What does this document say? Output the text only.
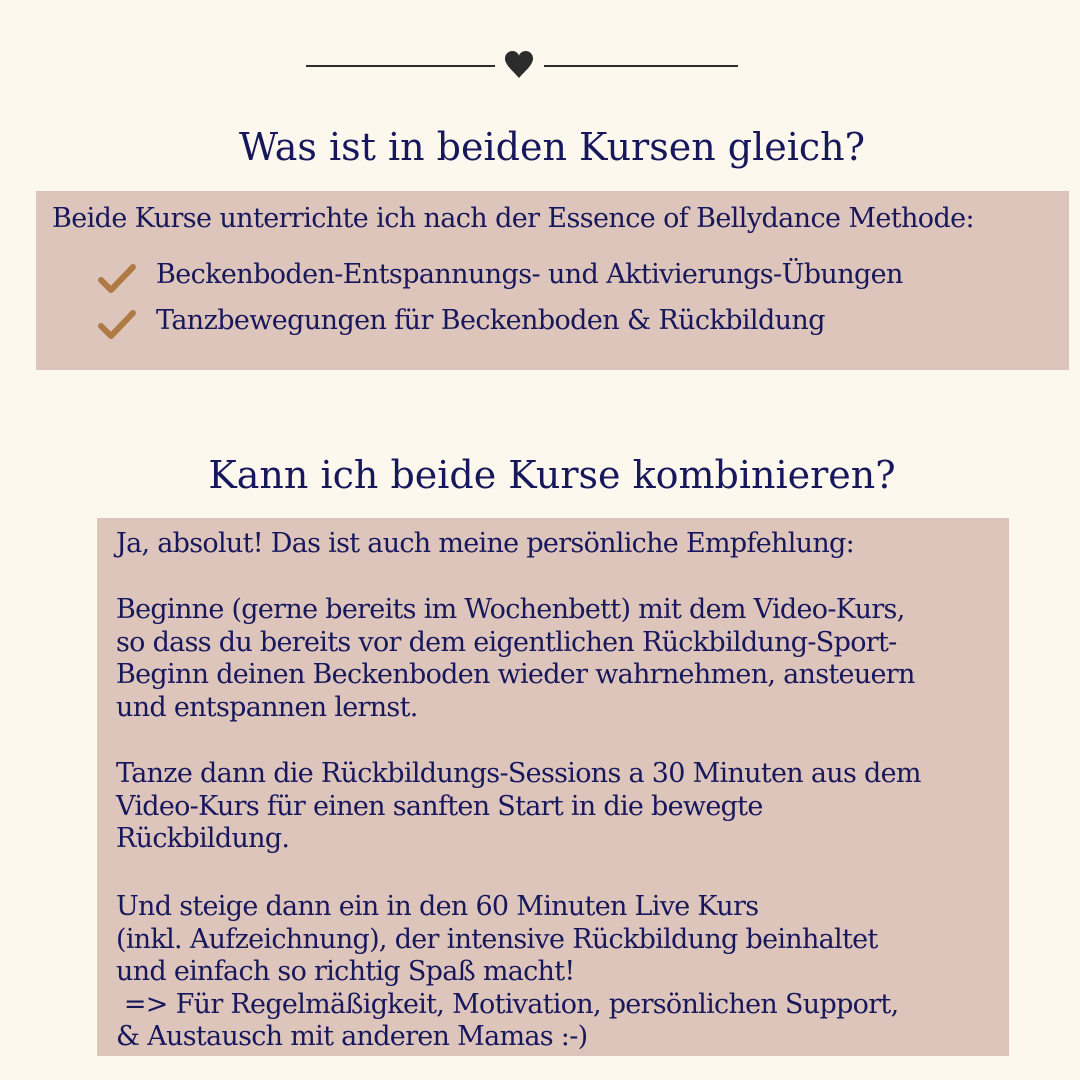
Was ist in beiden Kursen gleich?
Beide Kurse unterrichte ich nach der Essence of Bellydance Methode:
Beckenboden-Entspannungs- und Aktivierungs-Übungen
Tanzbewegungen für Beckenboden & Rückbildung
Kann ich beide Kurse kombinieren?

Ja, absolut! Das ist auch meine persönliche Empfehlung:

Beginne (gerne bereits im Wochenbett) mit dem Video-Kurs,
so dass du bereits vor dem eigentlichen Rückbildung-Sport-
Beginn deinen Beckenboden wieder wahrnehmen, ansteuern
und entspannen lernst.

Tanze dann die Rückbildungs-Sessions a 30 Minuten aus dem
Video-Kurs für einen sanften Start in die bewegte
Rückbildung.

Und steige dann ein in den 60 Minuten Live Kurs
(inkl. Aufzeichnung), der intensive Rückbildung beinhaltet
und einfach so richtig Spaß macht!
=> Für Regelmäßigkeit, Motivation, persönlichen Support,
& Austausch mit anderen Mamas :-)
